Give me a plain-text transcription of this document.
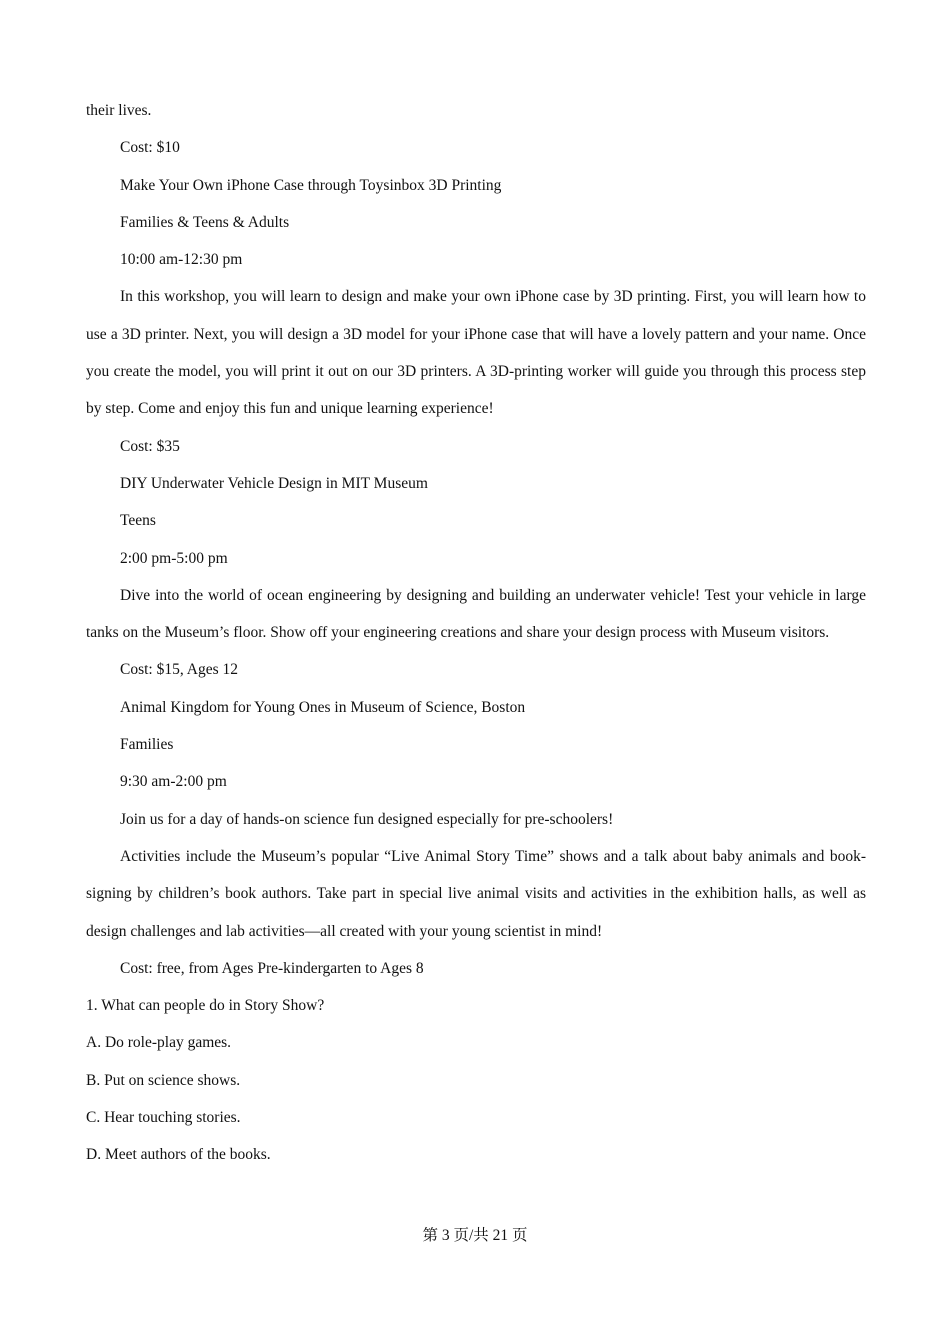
their lives.

Cost: $10

Make Your Own iPhone Case through Toysinbox 3D Printing

Families & Teens & Adults

10:00 am-12:30 pm

In this workshop, you will learn to design and make your own iPhone case by 3D printing. First, you will learn how to use a 3D printer. Next, you will design a 3D model for your iPhone case that will have a lovely pattern and your name. Once you create the model, you will print it out on our 3D printers. A 3D-printing worker will guide you through this process step by step. Come and enjoy this fun and unique learning experience!

Cost: $35

DIY Underwater Vehicle Design in MIT Museum

Teens

2:00 pm-5:00 pm

Dive into the world of ocean engineering by designing and building an underwater vehicle! Test your vehicle in large tanks on the Museum’s floor. Show off your engineering creations and share your design process with Museum visitors.

Cost: $15, Ages 12

Animal Kingdom for Young Ones in Museum of Science, Boston

Families

9:30 am-2:00 pm

Join us for a day of hands-on science fun designed especially for pre-schoolers!

Activities include the Museum’s popular “Live Animal Story Time” shows and a talk about baby animals and book-signing by children’s book authors. Take part in special live animal visits and activities in the exhibition halls, as well as design challenges and lab activities—all created with your young scientist in mind!

Cost: free, from Ages Pre-kindergarten to Ages 8

1. What can people do in Story Show?

A. Do role-play games.

B. Put on science shows.

C. Hear touching stories.

D. Meet authors of the books.

第 3 页/共 21 页
